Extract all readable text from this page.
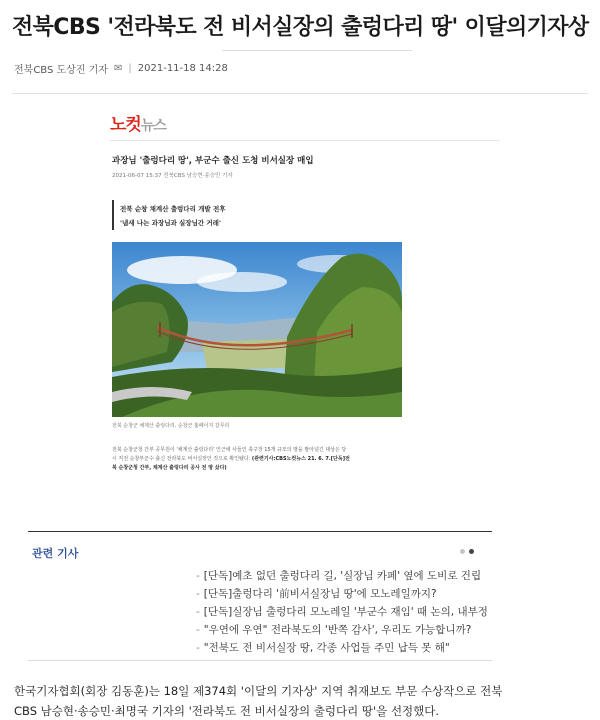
전북CBS '전라북도 전 비서실장의 출렁다리 땅' 이달의기자상
전북CBS 도상진 기자 ✉ | 2021-11-18 14:28
노컷뉴스
과장님 '출렁다리 땅', 부군수 출신 도청 비서실장 매입
2021-06-07 15:37 전북CBS 남승현·송승민 기자
전북 순창 채계산 출렁다리 개발 전후
'냄새 나는 과장님과 실장님간 거래'
전북 순창군 채계산 출렁다리. 순창군 홈페이지 갈무리
전북 순창군청 간부 공무원이 '채계산 출렁다리' 인근에 사들인 축구장 15개 규모의 땅을 팔아넘긴 대상은 당
시 직전 순창부군수 출신 전라북도 비서실장인 것으로 확인됐다. (관련기사:CBS노컷뉴스 21. 6. 7.[단독]전
북 순창군청 간부, 채계산 출렁다리 공사 전 땅 샀다)
관련 기사
- [단독]예초 없던 출렁다리 길, '실장님 카페' 옆에 도비로 건립
- [단독]출렁다리 '前비서실장님 땅'에 모노레일까지?
- [단독]실장님 출렁다리 모노레일 '부군수 재임' 때 논의, 내부정
- "우연에 우연" 전라북도의 '반쪽 감사', 우리도 가능합니까?
- "전북도 전 비서실장 땅, 각종 사업들 주민 납득 못 해"

한국기자협회(회장 김동훈)는 18일 제374회 '이달의 기자상' 지역 취재보도 부문 수상작으로 전북

CBS 남승현·송승민·최명국 기자의 '전라북도 전 비서실장의 출렁다리 땅'을 선정했다.
